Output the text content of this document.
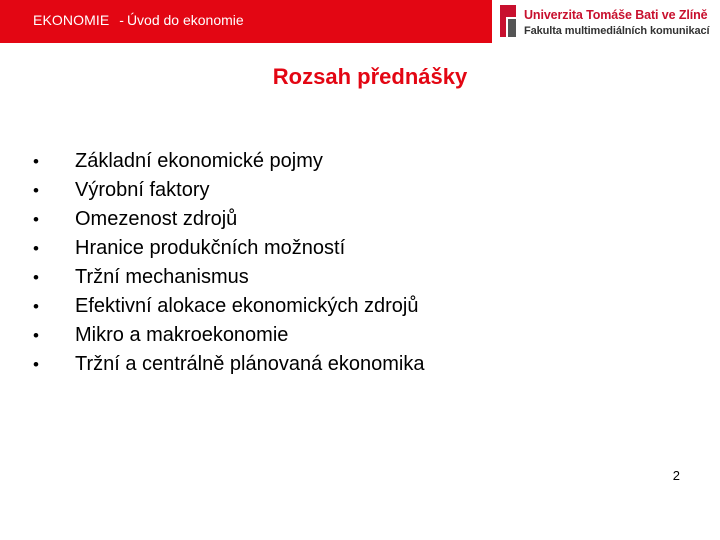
EKONOMIE - Úvod do ekonomie	Univerzita Tomáše Bati ve Zlíně
Fakulta multimediálních komunikací
Rozsah přednášky
• Základní ekonomické pojmy
• Výrobní faktory
• Omezenost zdrojů
• Hranice produkčních možností
• Tržní mechanismus
• Efektivní alokace ekonomických zdrojů
• Mikro a makroekonomie
• Tržní a centrálně plánovaná ekonomika
2
